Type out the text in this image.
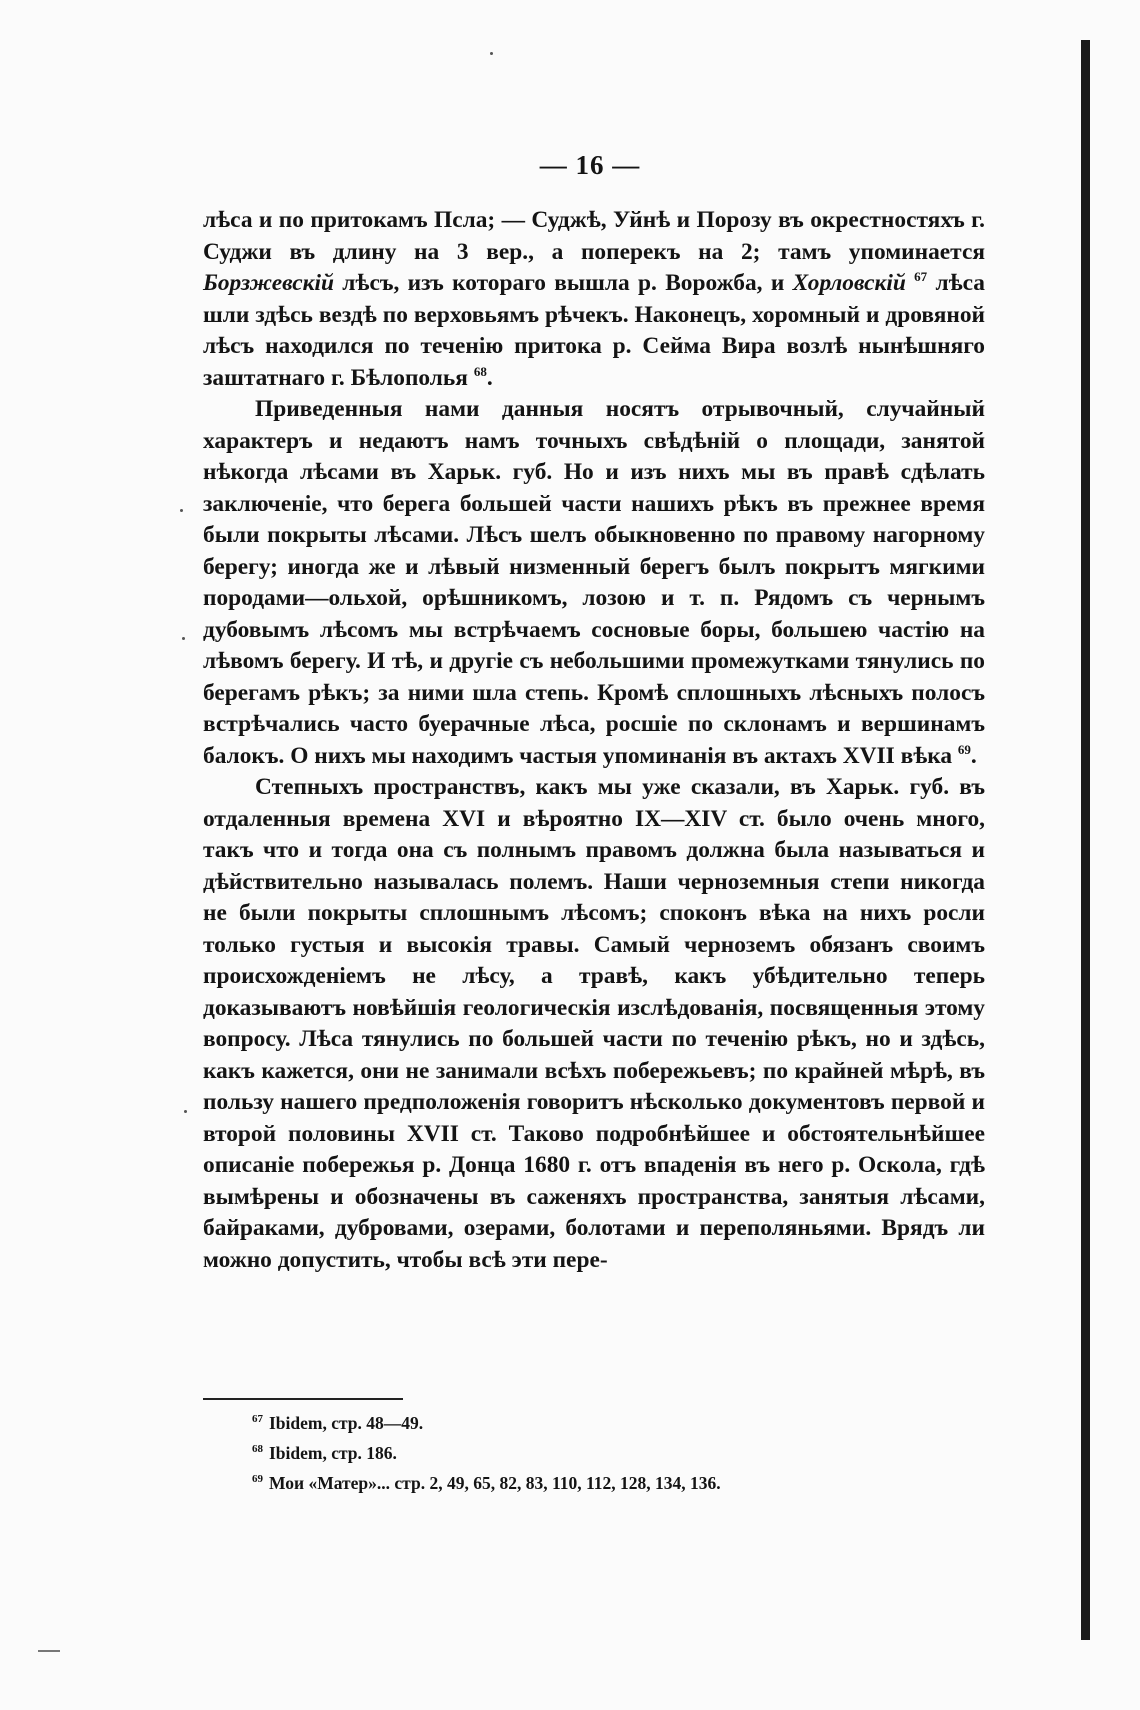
— 16 —

лѣса и по притокамъ Псла; — Суджѣ, Уйнѣ и Порозу въ окрестностяхъ г. Суджи въ длину на 3 вер., а поперекъ на 2; тамъ упоминается Борзжевскій лѣсъ, изъ котораго вышла р. Ворожба, и Хорловскій $^{67}$ лѣса шли здѣсь вездѣ по верховьямъ рѣчекъ. Наконецъ, хоромный и дровяной лѣсъ находился по теченію притока р. Сейма Вира возлѣ нынѣшняго заштатнаго г. Бѣлополья $^{68}$.

Приведенныя нами данныя носятъ отрывочный, случайный характеръ и недаютъ намъ точныхъ свѣдѣній о площади, занятой нѣкогда лѣсами въ Харьк. губ. Но и изъ нихъ мы въ правѣ сдѣлать заключеніе, что берега большей части нашихъ рѣкъ въ прежнее время были покрыты лѣсами. Лѣсъ шелъ обыкновенно по правому нагорному берегу; иногда же и лѣвый низменный берегъ былъ покрытъ мягкими породами—ольхой, орѣшникомъ, лозою и т. п. Рядомъ съ чернымъ дубовымъ лѣсомъ мы встрѣчаемъ сосновые боры, большею частію на лѣвомъ берегу. И тѣ, и другіе съ небольшими промежутками тянулись по берегамъ рѣкъ; за ними шла степь. Кромѣ сплошныхъ лѣсныхъ полосъ встрѣчались часто буерачные лѣса, росшіе по склонамъ и вершинамъ балокъ. О нихъ мы находимъ частыя упоминанія въ актахъ XVII вѣка $^{69}$.

Степныхъ пространствъ, какъ мы уже сказали, въ Харьк. губ. въ отдаленныя времена XVI и вѣроятно IX—XIV ст. было очень много, такъ что и тогда она съ полнымъ правомъ должна была называться и дѣйствительно называлась полемъ. Наши черноземныя степи никогда не были покрыты сплошнымъ лѣсомъ; споконъ вѣка на нихъ росли только густыя и высокія травы. Самый черноземъ обязанъ своимъ происхожденіемъ не лѣсу, а травѣ, какъ убѣдительно теперь доказываютъ новѣйшія геологическія изслѣдованія, посвященныя этому вопросу. Лѣса тянулись по большей части по теченію рѣкъ, но и здѣсь, какъ кажется, они не занимали всѣхъ побережьевъ; по крайней мѣрѣ, въ пользу нашего предположенія говоритъ нѣсколько документовъ первой и второй половины XVII ст. Таково подробнѣйшее и обстоятельнѣйшее описаніе побережья р. Донца 1680 г. отъ впаденія въ него р. Оскола, гдѣ вымѣрены и обозначены въ саженяхъ пространства, занятыя лѣсами, байраками, дубровами, озерами, болотами и переполяньями. Врядъ ли можно допустить, чтобы всѣ эти пере-

$^{67}$ Ibidem, стр. 48—49.
$^{68}$ Ibidem, стр. 186.
$^{69}$ Мои «Матер»... стр. 2, 49, 65, 82, 83, 110, 112, 128, 134, 136.
